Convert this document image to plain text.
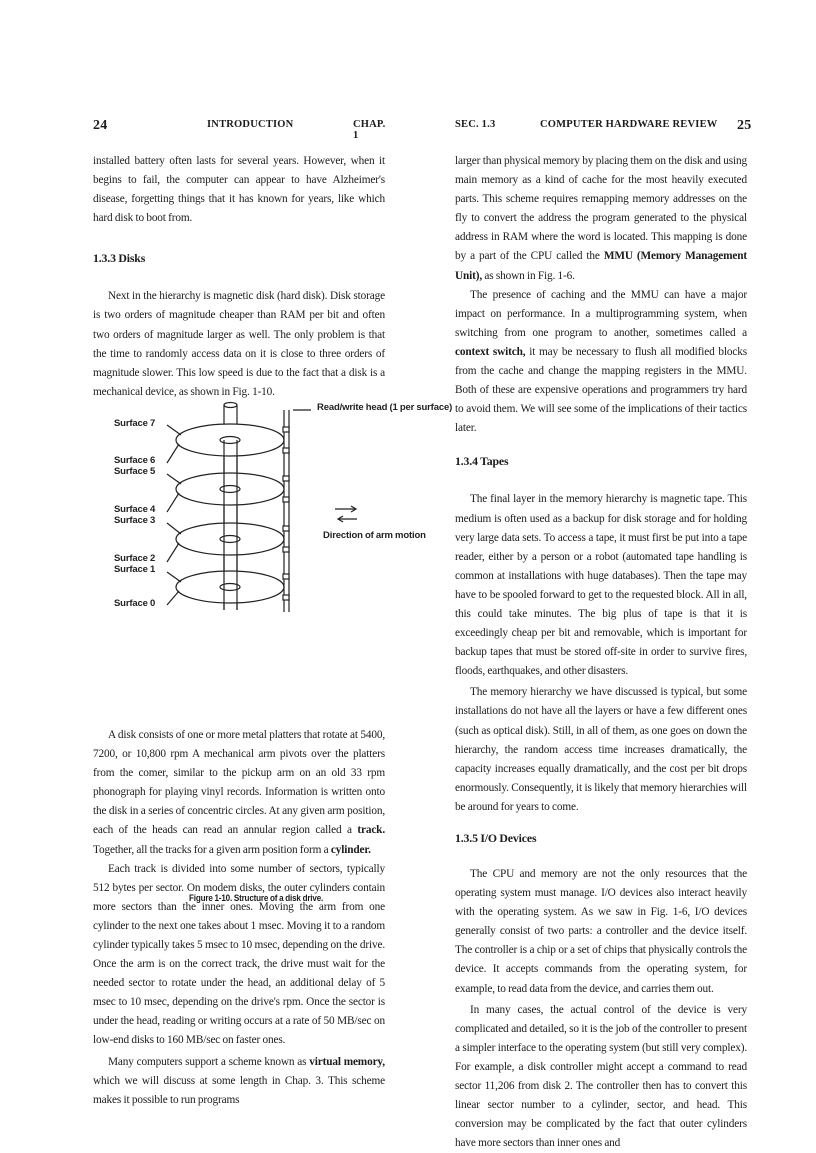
24	INTRODUCTION	CHAP. 1
SEC. 1.3	COMPUTER HARDWARE REVIEW 25

installed battery often lasts for several years. However, when it begins to fail, the computer can appear to have Alzheimer's disease, forgetting things that it has known for years, like which hard disk to boot from.

1.3.3 Disks

Next in the hierarchy is magnetic disk (hard disk). Disk storage is two orders of magnitude cheaper than RAM per bit and often two orders of magnitude larger as well. The only problem is that the time to randomly access data on it is close to three orders of magnitude slower. This low speed is due to the fact that a disk is a mechanical device, as shown in Fig. 1-10.

Read/write head (1 per surface)
Direction of arm motion
Surface 7
Surface 6
Surface 5
Surface 4
Surface 3
Surface 2
Surface 1
Surface 0
Figure 1-10. Structure of a disk drive.

A disk consists of one or more metal platters that rotate at 5400, 7200, or 10,800 rpm A mechanical arm pivots over the platters from the comer, similar to the pickup arm on an old 33 rpm phonograph for playing vinyl records. Information is written onto the disk in a series of concentric circles. At any given arm position, each of the heads can read an annular region called a track. Together, all the tracks for a given arm position form a cylinder.

Each track is divided into some number of sectors, typically 512 bytes per sector. On modem disks, the outer cylinders contain more sectors than the inner ones. Moving the arm from one cylinder to the next one takes about 1 msec. Moving it to a random cylinder typically takes 5 msec to 10 msec, depending on the drive. Once the arm is on the correct track, the drive must wait for the needed sector to rotate under the head, an additional delay of 5 msec to 10 msec, depending on the drive's rpm. Once the sector is under the head, reading or writing occurs at a rate of 50 MB/sec on low-end disks to 160 MB/sec on faster ones.

Many computers support a scheme known as virtual memory, which we will discuss at some length in Chap. 3. This scheme makes it possible to run programs

larger than physical memory by placing them on the disk and using main memory as a kind of cache for the most heavily executed parts. This scheme requires remapping memory addresses on the fly to convert the address the program generated to the physical address in RAM where the word is located. This mapping is done by a part of the CPU called the MMU (Memory Management Unit), as shown in Fig. 1-6.

The presence of caching and the MMU can have a major impact on performance. In a multiprogramming system, when switching from one program to another, sometimes called a context switch, it may be necessary to flush all modified blocks from the cache and change the mapping registers in the MMU. Both of these are expensive operations and programmers try hard to avoid them. We will see some of the implications of their tactics later.

1.3.4 Tapes

The final layer in the memory hierarchy is magnetic tape. This medium is often used as a backup for disk storage and for holding very large data sets. To access a tape, it must first be put into a tape reader, either by a person or a robot (automated tape handling is common at installations with huge databases). Then the tape may have to be spooled forward to get to the requested block. All in all, this could take minutes. The big plus of tape is that it is exceedingly cheap per bit and removable, which is important for backup tapes that must be stored off-site in order to survive fires, floods, earthquakes, and other disasters.

The memory hierarchy we have discussed is typical, but some installations do not have all the layers or have a few different ones (such as optical disk). Still, in all of them, as one goes on down the hierarchy, the random access time increases dramatically, the capacity increases equally dramatically, and the cost per bit drops enormously. Consequently, it is likely that memory hierarchies will be around for years to come.

1.3.5 I/O Devices

The CPU and memory are not the only resources that the operating system must manage. I/O devices also interact heavily with the operating system. As we saw in Fig. 1-6, I/O devices generally consist of two parts: a controller and the device itself. The controller is a chip or a set of chips that physically controls the device. It accepts commands from the operating system, for example, to read data from the device, and carries them out.

In many cases, the actual control of the device is very complicated and detailed, so it is the job of the controller to present a simpler interface to the operating system (but still very complex). For example, a disk controller might accept a command to read sector 11,206 from disk 2. The controller then has to convert this linear sector number to a cylinder, sector, and head. This conversion may be complicated by the fact that outer cylinders have more sectors than inner ones and
